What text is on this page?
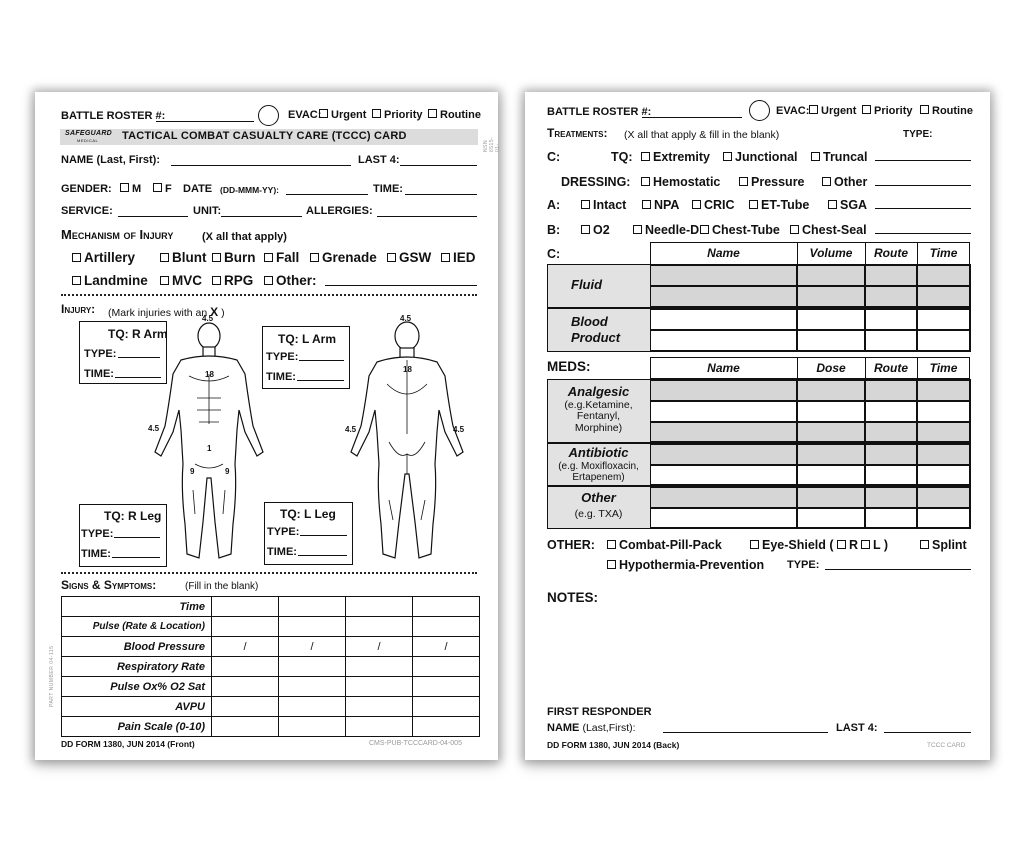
BATTLE ROSTER #:	EVAC: Urgent	Priority	Routine
SAFEGUARD
MEDICAL TACTICAL COMBAT CASUALTY CARE (TCCC) CARD
NAME (Last, First):	LAST 4:
GENDER:	M	F DATE (DD-MMM-YY):	TIME:
SERVICE:	UNIT:	ALLERGIES:
Mechanism of Injury	(X all that apply)
Artillery	Blunt	Burn	Fall	Grenade	GSW	IED
Landmine	MVC	RPG	Other:
Injury: (Mark injuries with an X )
4.5
18
4.5
1
9	9
4.5
18
4.5	4.5
TQ: R Arm
TYPE:
TIME:
TQ: L Arm
TYPE:
TIME:
TQ: R Leg
TYPE:
TIME:
TQ: L Leg
TYPE:
TIME:
Signs & Symptoms:	(Fill in the blank)
Time				
Pulse (Rate & Location)				
Blood Pressure	/	/	/	/
Respiratory Rate				
Pulse Ox% O2 Sat				
AVPU				
Pain Scale (0-10)				
DD FORM 1380, JUN 2014 (Front)	CMS-PUB-TCCCARD-04-005
PART NUMBER 04-115
NSN 6515-01-...
BATTLE ROSTER #:	EVAC:	Urgent	Priority	Routine
Treatments: (X all that apply & fill in the blank)	TYPE:
C:	TQ:	Extremity	Junctional	Truncal
DRESSING:	Hemostatic	Pressure	Other
A:	Intact	NPA	CRIC	ET-Tube	SGA
B:	O2	Needle-D	Chest-Tube	Chest-Seal
C:	Name	Volume	Route	Time
Fluid
Blood
Product
MEDS:	Name	Dose	Route	Time
Analgesic
(e.g.Ketamine,
Fentanyl,
Morphine)
Antibiotic
(e.g. Moxifloxacin,
Ertapenem)
Other
(e.g. TXA)
OTHER:	Combat-Pill-Pack	Eye-Shield (	R	L )	Splint
Hypothermia-Prevention TYPE:
NOTES:
FIRST RESPONDER
NAME (Last,First):	LAST 4:
DD FORM 1380, JUN 2014 (Back)	TCCC CARD
